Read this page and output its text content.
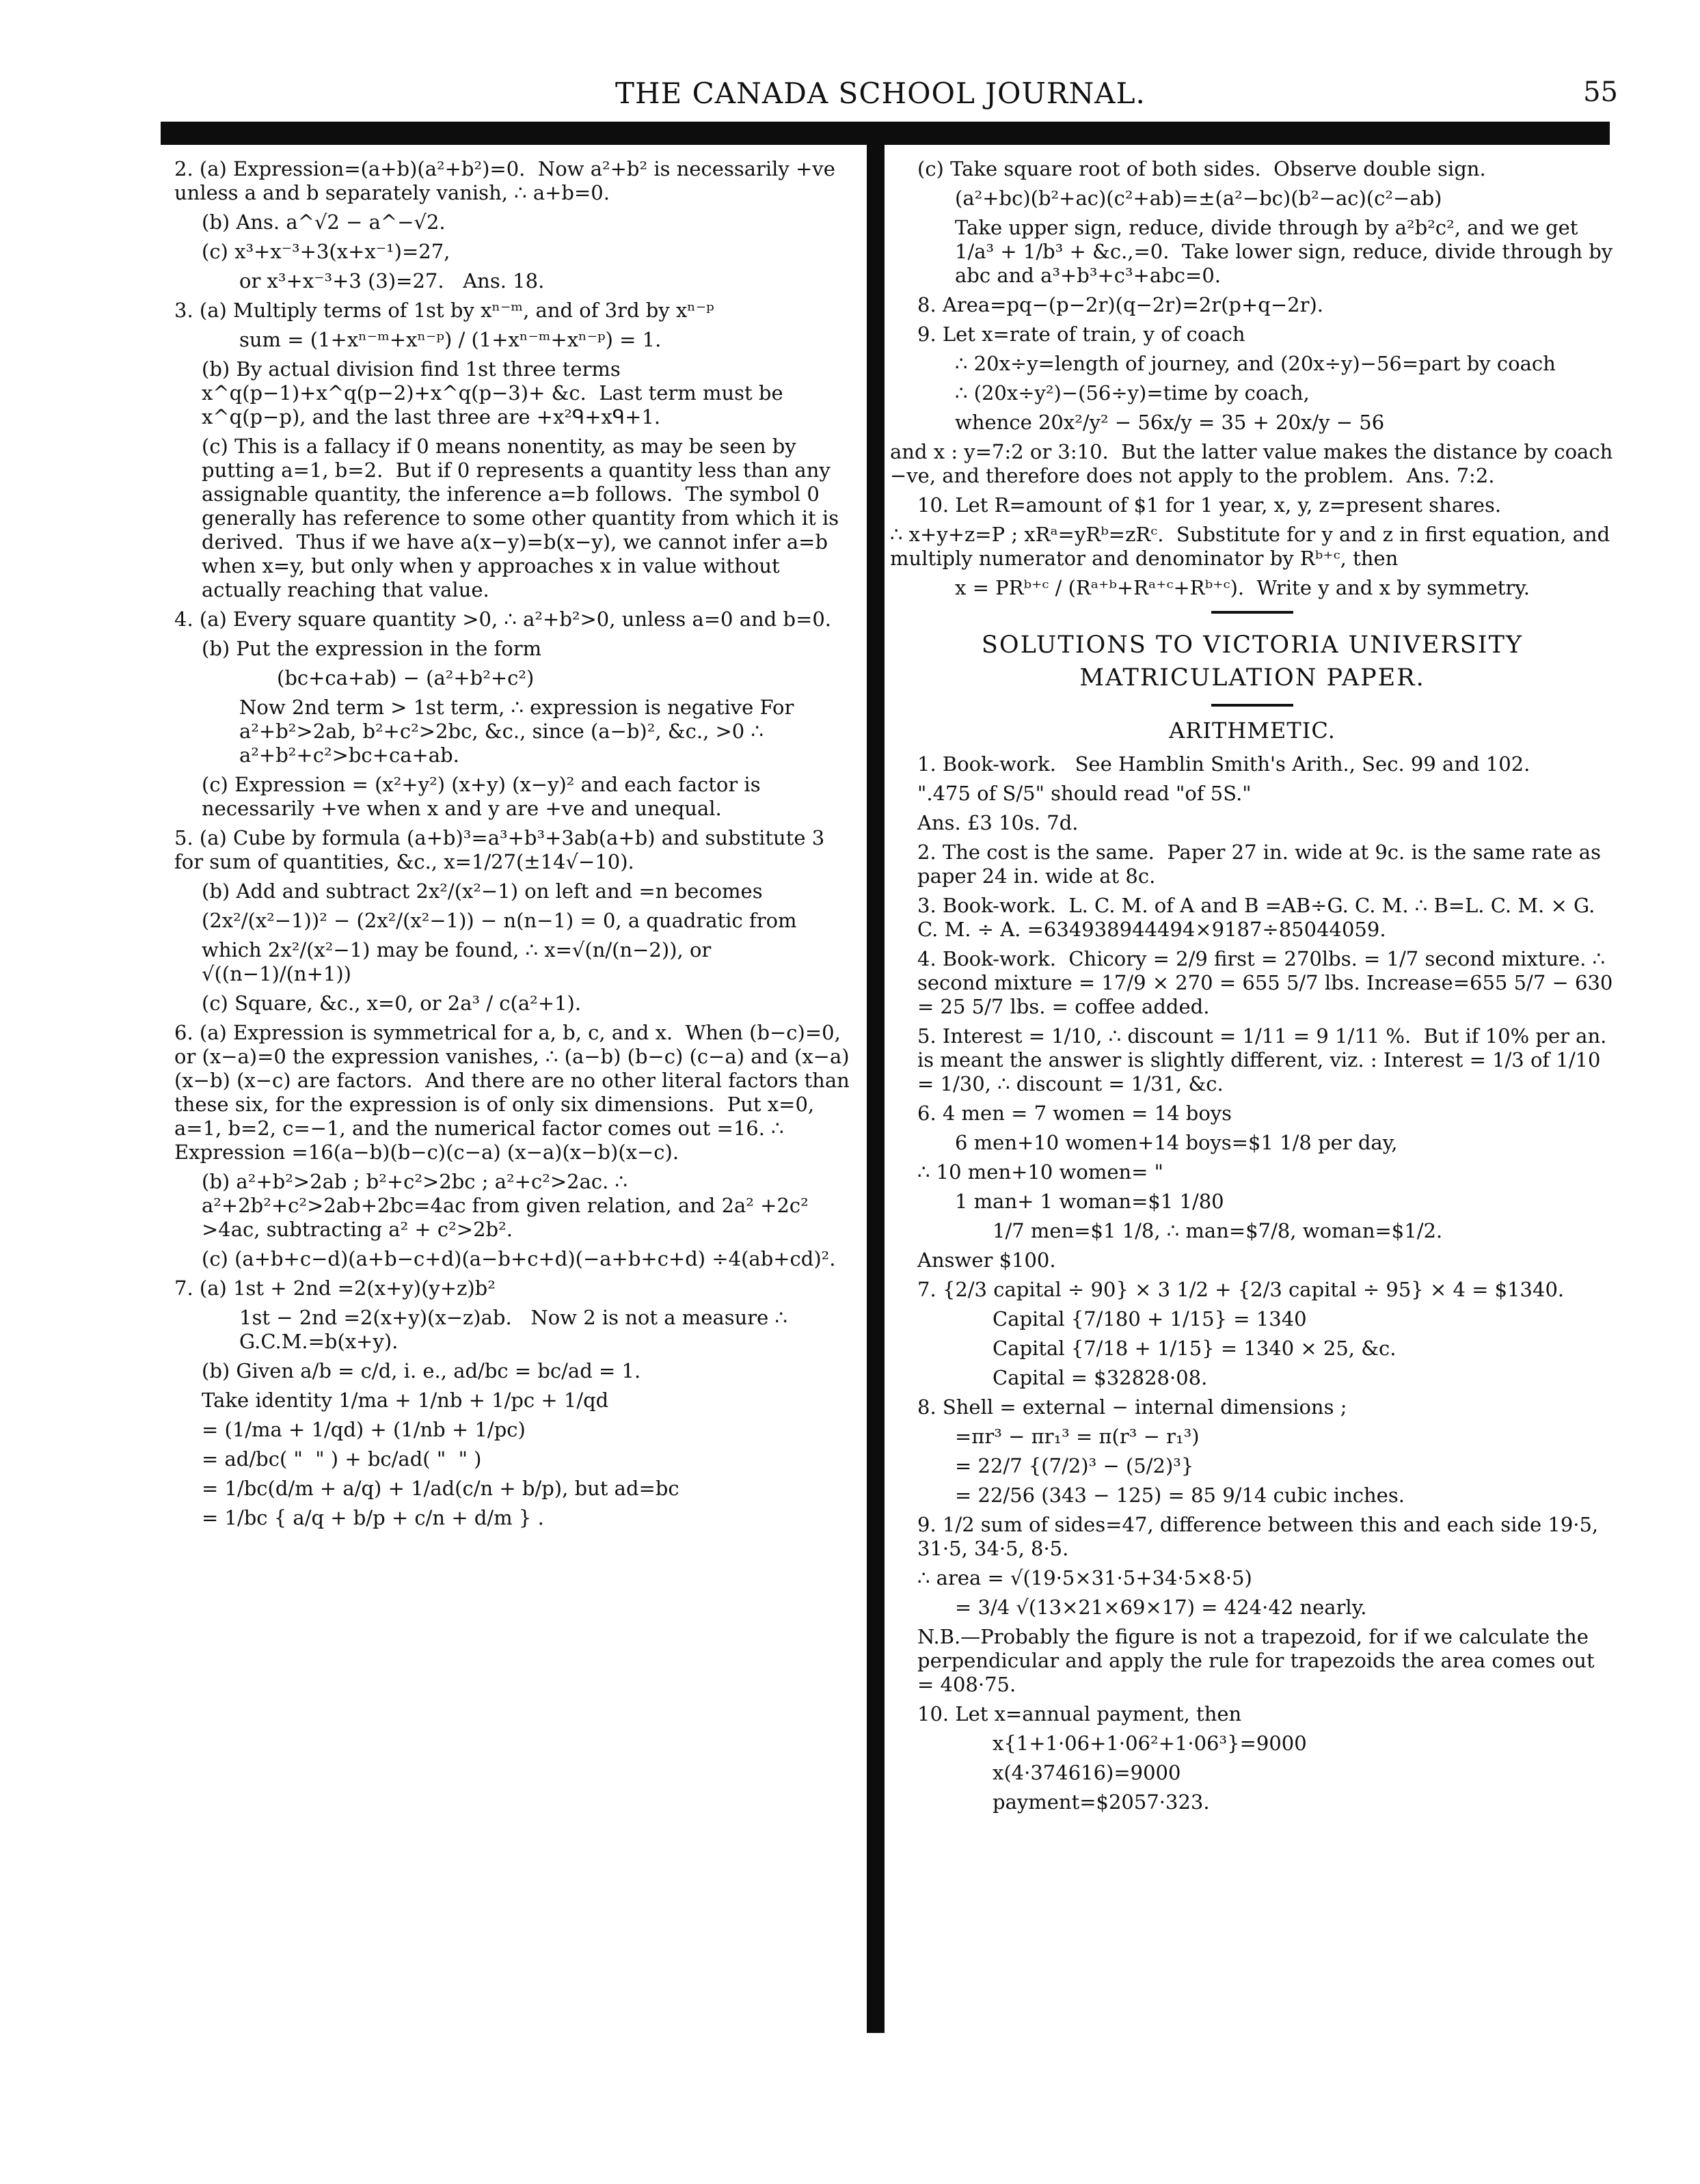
THE CANADA SCHOOL JOURNAL.	55
2. (a) Expression=(a+b)(a²+b²)=0.  Now a²+b² is necessarily +ve unless a and b separately vanish, ∴ a+b=0.
(b) Ans. a^√2 − a^−√2.
(c) x³+x⁻³+3(x+x⁻¹)=27,
or x³+x⁻³+3 (3)=27.   Ans. 18.
3. (a) Multiply terms of 1st by xⁿ⁻ᵐ, and of 3rd by xⁿ⁻ᵖ
sum = (1+xⁿ⁻ᵐ+xⁿ⁻ᵖ) / (1+xⁿ⁻ᵐ+xⁿ⁻ᵖ) = 1.
(b) By actual division find 1st three terms x^q(p−1)+x^q(p−2)+x^q(p−3)+ &c.  Last term must be x^q(p−p), and the last three are +x²ᑫ+xᑫ+1.
(c) This is a fallacy if 0 means nonentity, as may be seen by putting a=1, b=2.  But if 0 represents a quantity less than any assignable quantity, the inference a=b follows.  The symbol 0 generally has reference to some other quantity from which it is derived.  Thus if we have a(x−y)=b(x−y), we cannot infer a=b when x=y, but only when y approaches x in value without actually reaching that value.
4. (a) Every square quantity >0, ∴ a²+b²>0, unless a=0 and b=0.
(b) Put the expression in the form
(bc+ca+ab) − (a²+b²+c²)
Now 2nd term > 1st term, ∴ expression is negative For a²+b²>2ab, b²+c²>2bc, &c., since (a−b)², &c., >0 ∴ a²+b²+c²>bc+ca+ab.
(c) Expression = (x²+y²) (x+y) (x−y)² and each factor is necessarily +ve when x and y are +ve and unequal.
5. (a) Cube by formula (a+b)³=a³+b³+3ab(a+b) and substitute 3 for sum of quantities, &c., x=1/27(±14√−10).
(b) Add and subtract 2x²/(x²−1) on left and =n becomes
(2x²/(x²−1))² − (2x²/(x²−1)) − n(n−1) = 0, a quadratic from
which 2x²/(x²−1) may be found, ∴ x=√(n/(n−2)), or √((n−1)/(n+1))
(c) Square, &c., x=0, or 2a³ / c(a²+1).
6. (a) Expression is symmetrical for a, b, c, and x.  When (b−c)=0, or (x−a)=0 the expression vanishes, ∴ (a−b) (b−c) (c−a) and (x−a) (x−b) (x−c) are factors.  And there are no other literal factors than these six, for the expression is of only six dimensions.  Put x=0, a=1, b=2, c=−1, and the numerical factor comes out =16. ∴ Expression =16(a−b)(b−c)(c−a) (x−a)(x−b)(x−c).
(b) a²+b²>2ab ; b²+c²>2bc ; a²+c²>2ac. ∴ a²+2b²+c²>2ab+2bc=4ac from given relation, and 2a² +2c² >4ac, subtracting a² + c²>2b².
(c) (a+b+c−d)(a+b−c+d)(a−b+c+d)(−a+b+c+d) ÷4(ab+cd)².
7. (a) 1st + 2nd =2(x+y)(y+z)b²
1st − 2nd =2(x+y)(x−z)ab.   Now 2 is not a measure ∴ G.C.M.=b(x+y).
(b) Given a/b = c/d, i. e., ad/bc = bc/ad = 1.
Take identity 1/ma + 1/nb + 1/pc + 1/qd
= (1/ma + 1/qd) + (1/nb + 1/pc)
= ad/bc( "  " ) + bc/ad( "  " )
= 1/bc(d/m + a/q) + 1/ad(c/n + b/p), but ad=bc
= 1/bc { a/q + b/p + c/n + d/m } .
(c) Take square root of both sides.  Observe double sign.
(a²+bc)(b²+ac)(c²+ab)=±(a²−bc)(b²−ac)(c²−ab)
Take upper sign, reduce, divide through by a²b²c², and we get 1/a³ + 1/b³ + &c.,=0.  Take lower sign, reduce, divide through by abc and a³+b³+c³+abc=0.
8. Area=pq−(p−2r)(q−2r)=2r(p+q−2r).
9. Let x=rate of train, y of coach
∴ 20x÷y=length of journey, and (20x÷y)−56=part by coach
∴ (20x÷y²)−(56÷y)=time by coach,
whence 20x²/y² − 56x/y = 35 + 20x/y − 56
and x : y=7:2 or 3:10.  But the latter value makes the distance by coach −ve, and therefore does not apply to the problem.  Ans. 7:2.
10. Let R=amount of $1 for 1 year, x, y, z=present shares.
∴ x+y+z=P ; xRᵃ=yRᵇ=zRᶜ.  Substitute for y and z in first equation, and multiply numerator and denominator by Rᵇ⁺ᶜ, then
x = PRᵇ⁺ᶜ / (Rᵃ⁺ᵇ+Rᵃ⁺ᶜ+Rᵇ⁺ᶜ).  Write y and x by symmetry.
SOLUTIONS TO VICTORIA UNIVERSITY
MATRICULATION PAPER.
ARITHMETIC.
1. Book-work.   See Hamblin Smith's Arith., Sec. 99 and 102.
".475 of S/5" should read "of 5S."
Ans. £3 10s. 7d.
2. The cost is the same.  Paper 27 in. wide at 9c. is the same rate as paper 24 in. wide at 8c.
3. Book-work.  L. C. M. of A and B =AB÷G. C. M. ∴ B=L. C. M. × G. C. M. ÷ A. =634938944494×9187÷85044059.
4. Book-work.  Chicory = 2/9 first = 270lbs. = 1/7 second mixture. ∴ second mixture = 17/9 × 270 = 655 5/7 lbs. Increase=655 5/7 − 630 = 25 5/7 lbs. = coffee added.
5. Interest = 1/10, ∴ discount = 1/11 = 9 1/11 %.  But if 10% per an. is meant the answer is slightly different, viz. : Interest = 1/3 of 1/10 = 1/30, ∴ discount = 1/31, &c.
6. 4 men = 7 women = 14 boys
6 men+10 women+14 boys=$1 1/8 per day,
∴ 10 men+10 women= "
1 man+ 1 woman=$1 1/80
1/7 men=$1 1/8, ∴ man=$7/8, woman=$1/2.
Answer $100.
7. {2/3 capital ÷ 90} × 3 1/2 + {2/3 capital ÷ 95} × 4 = $1340.
Capital {7/180 + 1/15} = 1340
Capital {7/18 + 1/15} = 1340 × 25, &c.
Capital = $32828·08.
8. Shell = external − internal dimensions ;
=πr³ − πr₁³ = π(r³ − r₁³)
= 22/7 {(7/2)³ − (5/2)³}
= 22/56 (343 − 125) = 85 9/14 cubic inches.
9. 1/2 sum of sides=47, difference between this and each side 19·5, 31·5, 34·5, 8·5.
∴ area = √(19·5×31·5+34·5×8·5)
= 3/4 √(13×21×69×17) = 424·42 nearly.
N.B.—Probably the figure is not a trapezoid, for if we calculate the perpendicular and apply the rule for trapezoids the area comes out = 408·75.
10. Let x=annual payment, then
x{1+1·06+1·06²+1·06³}=9000
x(4·374616)=9000
payment=$2057·323.
